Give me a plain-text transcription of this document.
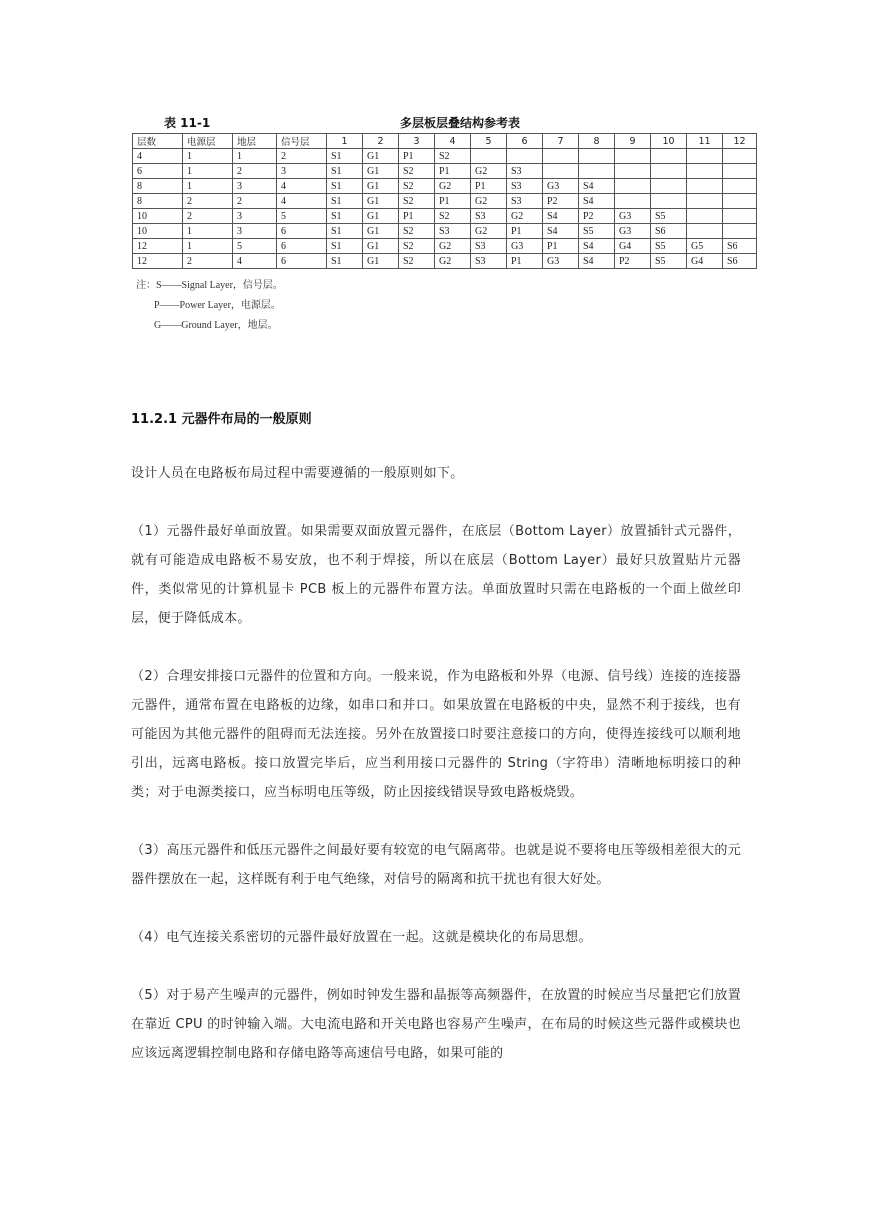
表 11-1	多层板层叠结构参考表
层数	电源层	地层	信号层	1	2	3	4	5	6	7	8	9	10	11	12
4	1	1	2	S1	G1	P1	S2								
6	1	2	3	S1	G1	S2	P1	G2	S3						
8	1	3	4	S1	G1	S2	G2	P1	S3	G3	S4				
8	2	2	4	S1	G1	S2	P1	G2	S3	P2	S4				
10	2	3	5	S1	G1	P1	S2	S3	G2	S4	P2	G3	S5		
10	1	3	6	S1	G1	S2	S3	G2	P1	S4	S5	G3	S6		
12	1	5	6	S1	G1	S2	G2	S3	G3	P1	S4	G4	S5	G5	S6
12	2	4	6	S1	G1	S2	G2	S3	P1	G3	S4	P2	S5	G4	S6
注：S——Signal Layer，信号层。
P——Power Layer，电源层。
G——Ground Layer，地层。
11.2.1 元器件布局的一般原则

设计人员在电路板布局过程中需要遵循的一般原则如下。

（1）元器件最好单面放置。如果需要双面放置元器件，在底层（Bottom Layer）放置插针式元器件，就有可能造成电路板不易安放，也不利于焊接，所以在底层（Bottom Layer）最好只放置贴片元器件，类似常见的计算机显卡 PCB 板上的元器件布置方法。单面放置时只需在电路板的一个面上做丝印层，便于降低成本。

（2）合理安排接口元器件的位置和方向。一般来说，作为电路板和外界（电源、信号线）连接的连接器元器件，通常布置在电路板的边缘，如串口和并口。如果放置在电路板的中央，显然不利于接线，也有可能因为其他元器件的阻碍而无法连接。另外在放置接口时要注意接口的方向，使得连接线可以顺利地引出，远离电路板。接口放置完毕后，应当利用接口元器件的 String（字符串）清晰地标明接口的种类；对于电源类接口，应当标明电压等级，防止因接线错误导致电路板烧毁。

（3）高压元器件和低压元器件之间最好要有较宽的电气隔离带。也就是说不要将电压等级相差很大的元器件摆放在一起，这样既有利于电气绝缘，对信号的隔离和抗干扰也有很大好处。

（4）电气连接关系密切的元器件最好放置在一起。这就是模块化的布局思想。

（5）对于易产生噪声的元器件，例如时钟发生器和晶振等高频器件，在放置的时候应当尽量把它们放置在靠近 CPU 的时钟输入端。大电流电路和开关电路也容易产生噪声，在布局的时候这些元器件或模块也应该远离逻辑控制电路和存储电路等高速信号电路，如果可能的
